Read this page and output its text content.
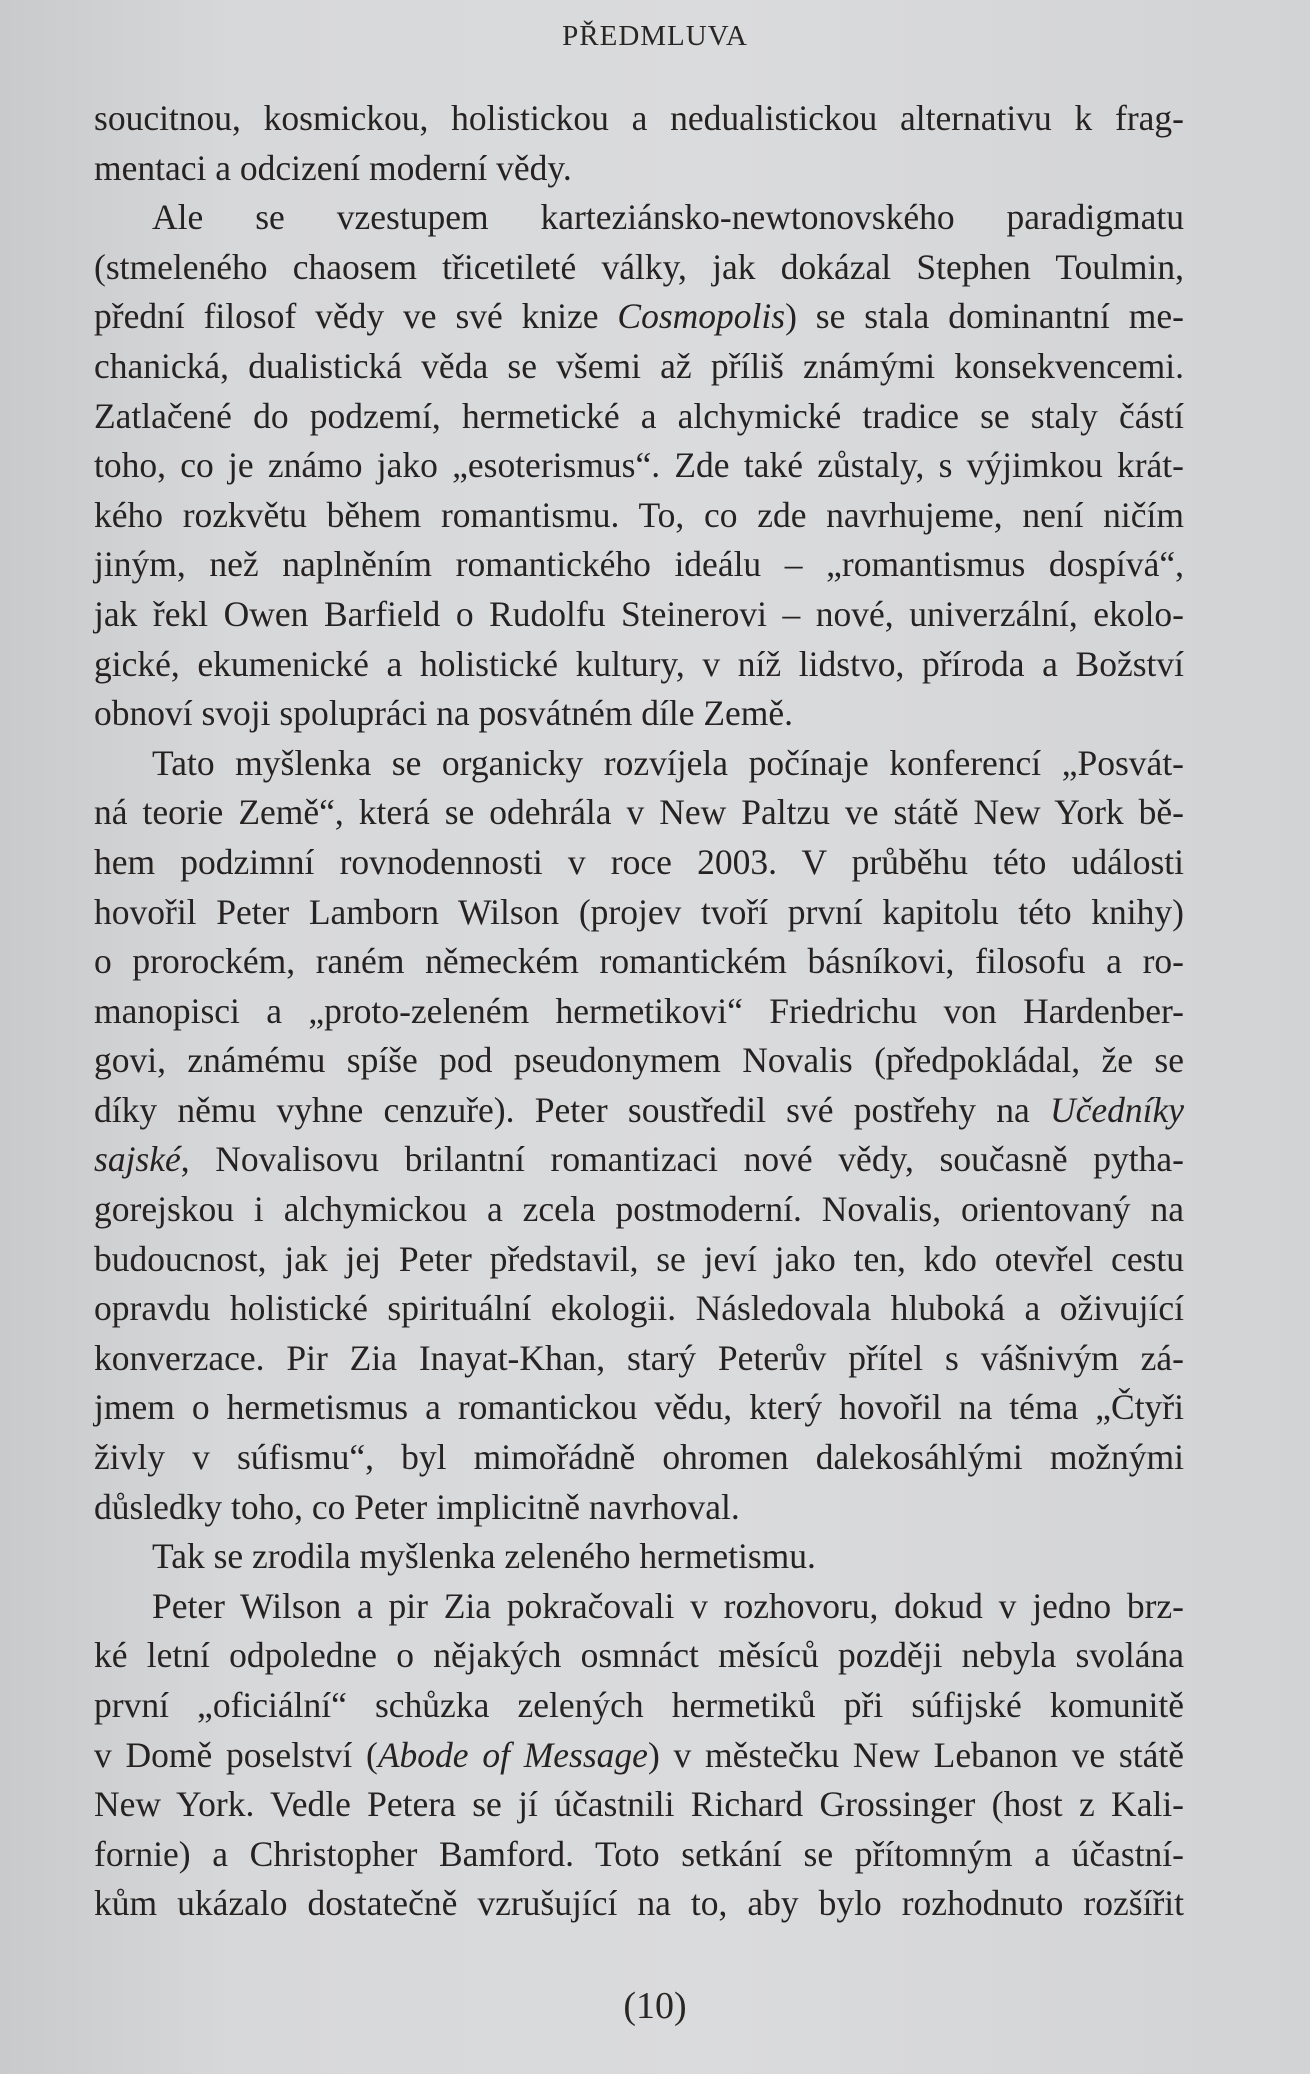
PŘEDMLUVA
soucitnou, kosmickou, holistickou a nedualistickou alternativu k frag-
mentaci a odcizení moderní vědy.
Ale se vzestupem karteziánsko-newtonovského paradigmatu
(stmeleného chaosem třicetileté války, jak dokázal Stephen Toulmin,
přední filosof vědy ve své knize Cosmopolis) se stala dominantní me-
chanická, dualistická věda se všemi až příliš známými konsekvencemi.
Zatlačené do podzemí, hermetické a alchymické tradice se staly částí
toho, co je známo jako „esoterismus“. Zde také zůstaly, s výjimkou krát-
kého rozkvětu během romantismu. To, co zde navrhujeme, není ničím
jiným, než naplněním romantického ideálu – „romantismus dospívá“,
jak řekl Owen Barfield o Rudolfu Steinerovi – nové, univerzální, ekolo-
gické, ekumenické a holistické kultury, v níž lidstvo, příroda a Božství
obnoví svoji spolupráci na posvátném díle Země.
Tato myšlenka se organicky rozvíjela počínaje konferencí „Posvát-
ná teorie Země“, která se odehrála v New Paltzu ve státě New York bě-
hem podzimní rovnodennosti v roce 2003. V průběhu této události
hovořil Peter Lamborn Wilson (projev tvoří první kapitolu této knihy)
o prorockém, raném německém romantickém básníkovi, filosofu a ro-
manopisci a „proto-zeleném hermetikovi“ Friedrichu von Hardenber-
govi, známému spíše pod pseudonymem Novalis (předpokládal, že se
díky němu vyhne cenzuře). Peter soustředil své postřehy na Učedníky
sajské, Novalisovu brilantní romantizaci nové vědy, současně pytha-
gorejskou i alchymickou a zcela postmoderní. Novalis, orientovaný na
budoucnost, jak jej Peter představil, se jeví jako ten, kdo otevřel cestu
opravdu holistické spirituální ekologii. Následovala hluboká a oživující
konverzace. Pir Zia Inayat-Khan, starý Peterův přítel s vášnivým zá-
jmem o hermetismus a romantickou vědu, který hovořil na téma „Čtyři
živly v súfismu“, byl mimořádně ohromen dalekosáhlými možnými
důsledky toho, co Peter implicitně navrhoval.
Tak se zrodila myšlenka zeleného hermetismu.
Peter Wilson a pir Zia pokračovali v rozhovoru, dokud v jedno brz-
ké letní odpoledne o nějakých osmnáct měsíců později nebyla svolána
první „oficiální“ schůzka zelených hermetiků při súfijské komunitě
v Domě poselství (Abode of Message) v městečku New Lebanon ve státě
New York. Vedle Petera se jí účastnili Richard Grossinger (host z Kali-
fornie) a Christopher Bamford. Toto setkání se přítomným a účastní-
kům ukázalo dostatečně vzrušující na to, aby bylo rozhodnuto rozšířit
(10)
